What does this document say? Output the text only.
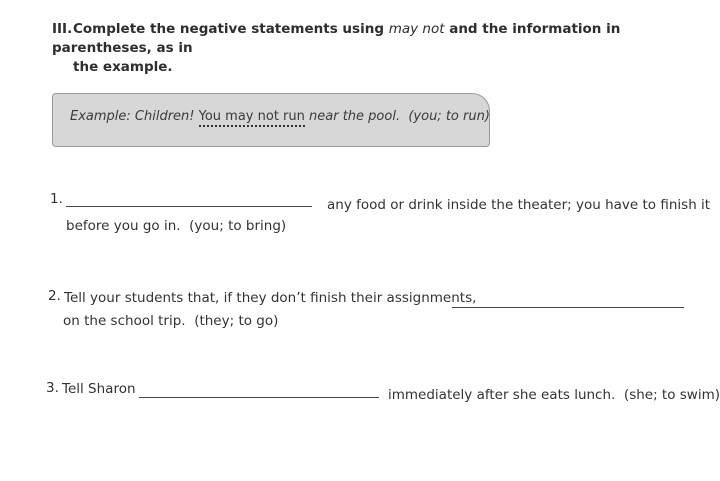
III.Complete the negative statements using may not and the information in parentheses, as in
the example.
Example: Children! You may not run near the pool. (you; to run)
1.	any food or drink inside the theater; you have to finish it
before you go in. (you; to bring)
2. Tell your students that, if they don’t finish their assignments,
on the school trip. (they; to go)
3. Tell Sharon	immediately after she eats lunch. (she; to swim)
